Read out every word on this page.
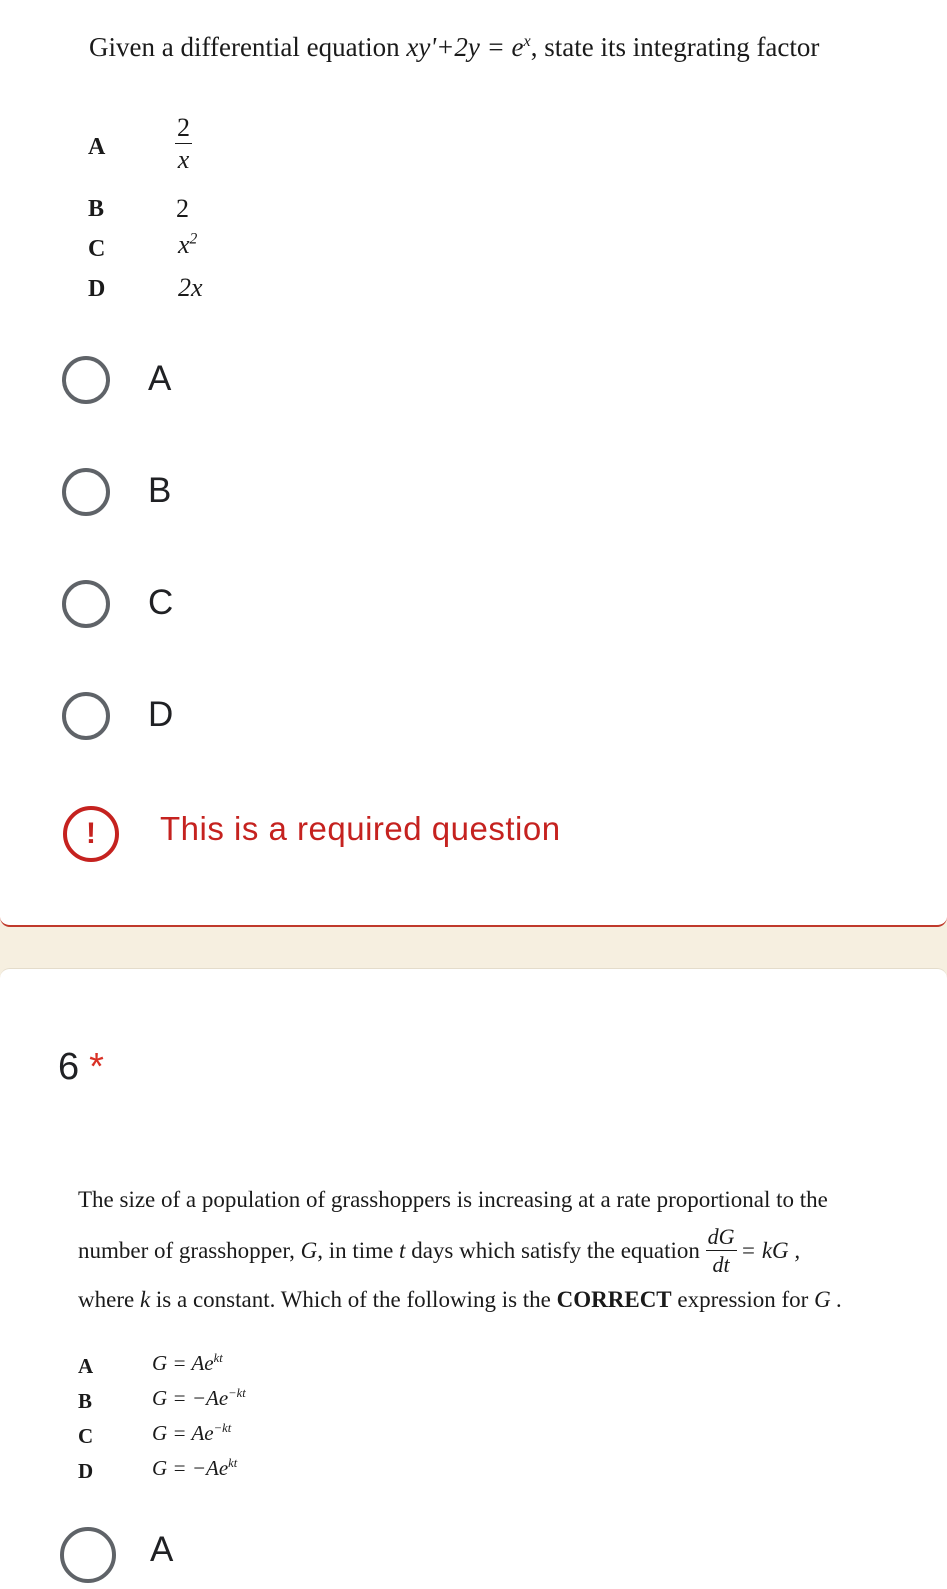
Given a differential equation $xy'+2y = e^x$, state its integrating factor
A	$\frac{2}{x}$
B	2
C	$x^2$
D	2x
A
B
C
D
!	This is a required question
6 *
The size of a population of grasshoppers is increasing at a rate proportional to the
number of grasshopper,
G , in time
t
days which satisfy the equation
$\frac{dG}{dt}$ = kG ,
where k is a constant. Which of the following is the CORRECT expression for G .
A	$G = Ae^{kt}$
B	$G = -Ae^{-kt}$
C	$G = Ae^{-kt}$
D	$G = -Ae^{kt}$
A
